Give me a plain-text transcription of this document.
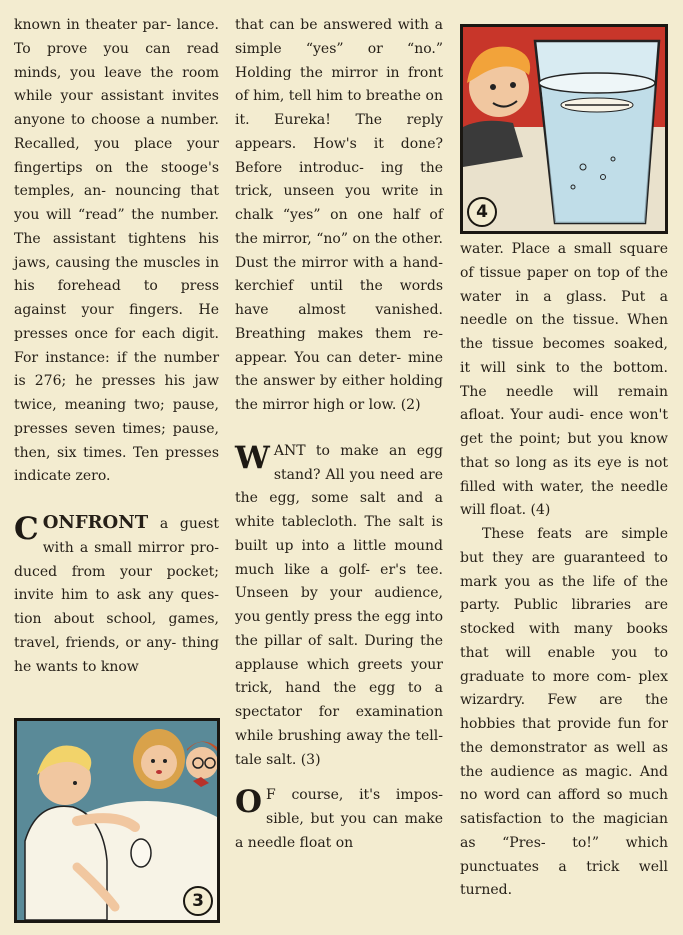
known in theater par- lance. To prove you can read minds, you leave the room while your assistant invites anyone to choose a number. Recalled, you place your fingertips on the stooge's temples, an- nouncing that you will “read” the number. The assistant tightens his jaws, causing the muscles in his forehead to press against your fingers. He presses once for each digit. For instance: if the number is 276; he presses his jaw twice, meaning two; pause, presses seven times; pause, then, six times. Ten presses indicate zero.

CONFRONT a guest with a small mirror pro- duced from your pocket; invite him to ask any ques- tion about school, games, travel, friends, or any- thing he wants to know

3

that can be answered with a simple “yes” or “no.” Holding the mirror in front of him, tell him to breathe on it. Eureka! The reply appears. How's it done? Before introduc- ing the trick, unseen you write in chalk “yes” on one half of the mirror, “no” on the other. Dust the mirror with a hand- kerchief until the words have almost vanished. Breathing makes them re- appear. You can deter- mine the answer by either holding the mirror high or low. (2)

WANT to make an egg stand? All you need are the egg, some salt and a white tablecloth. The salt is built up into a little mound much like a golf- er's tee. Unseen by your audience, you gently press the egg into the pillar of salt. During the applause which greets your trick, hand the egg to a spectator for examination while brushing away the tell- tale salt. (3)

O F course, it's impos- sible, but you can make a needle float on

4

water. Place a small square of tissue paper on top of the water in a glass. Put a needle on the tissue. When the tissue becomes soaked, it will sink to the bottom. The needle will remain afloat. Your audi- ence won't get the point; but you know that so long as its eye is not filled with water, the needle will float. (4)

These feats are simple but they are guaranteed to mark you as the life of the party. Public libraries are stocked with many books that will enable you to graduate to more com- plex wizardry. Few are the hobbies that provide fun for the demonstrator as well as the audience as magic. And no word can afford so much satisfaction to the magician as “Pres- to!” which punctuates a trick well turned.
